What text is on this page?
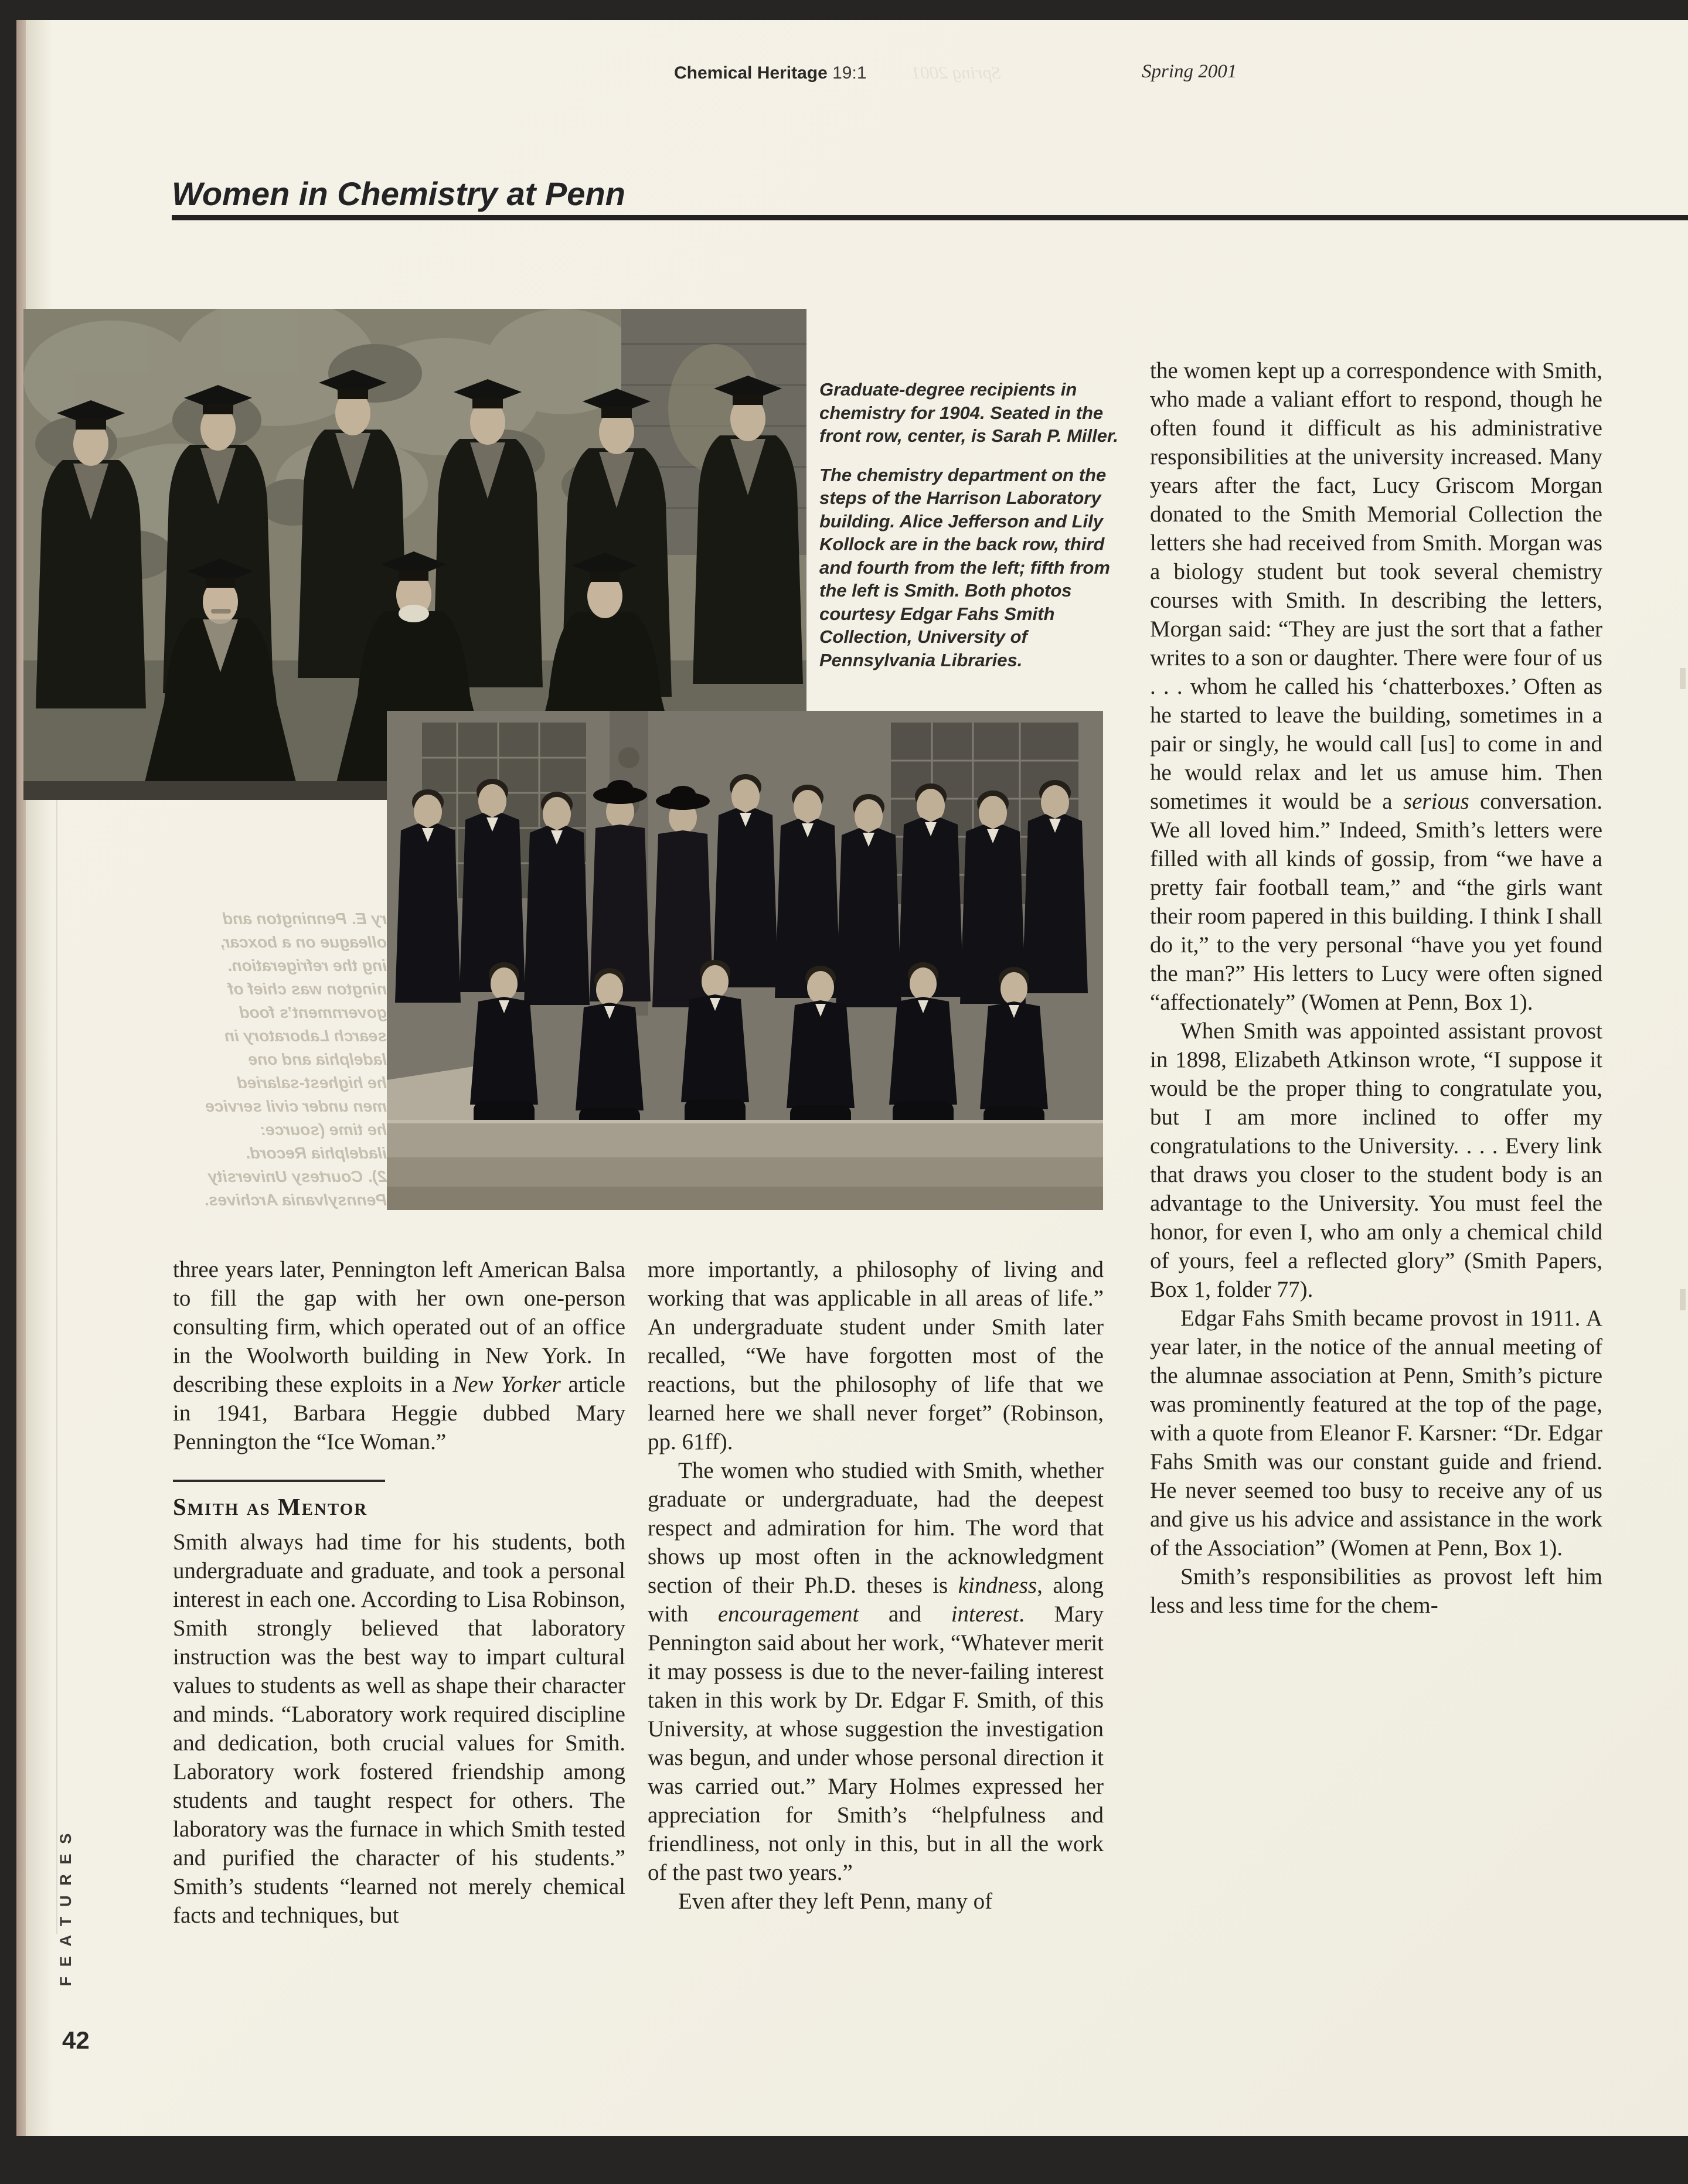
Chemical Heritage 19:1 Spring 2001	Spring 2001
Women in Chemistry at Penn
ry E. Pennington and
olleague on a boxcar,
ing the refrigeration.
nington was chief of
government’s food
search Laboratory in
ladelphia and one
he highest-salaried
men under civil service
he time (source:
iladelphia Record.
2). Courtesy University
Pennsylvania Archives.

Graduate-degree recipients in chemistry for 1904. Seated in the front row, center, is Sarah P. Miller.

The chemistry department on the steps of the Harrison Laboratory building. Alice Jefferson and Lily Kollock are in the back row, third and fourth from the left; fifth from the left is Smith. Both photos courtesy Edgar Fahs Smith Collection, University of Pennsylvania Libraries.

three years later, Pennington left American Balsa to fill the gap with her own one-person consulting firm, which operated out of an office in the Woolworth building in New York. In describing these exploits in a New Yorker article in 1941, Barbara Heggie dubbed Mary Pennington the “Ice Woman.”

Smith as Mentor

Smith always had time for his students, both undergraduate and graduate, and took a personal interest in each one. According to Lisa Robinson, Smith strongly believed that laboratory instruction was the best way to impart cultural values to students as well as shape their character and minds. “Laboratory work required discipline and dedication, both crucial values for Smith. Laboratory work fostered friendship among students and taught respect for others. The laboratory was the furnace in which Smith tested and purified the character of his students.” Smith’s students “learned not merely chemical facts and techniques, but

more importantly, a philosophy of living and working that was applicable in all areas of life.” An undergraduate student under Smith later recalled, “We have forgotten most of the reactions, but the philosophy of life that we learned here we shall never forget” (Robinson, pp. 61ff).

The women who studied with Smith, whether graduate or undergraduate, had the deepest respect and admiration for him. The word that shows up most often in the acknowledgment section of their Ph.D. theses is kindness, along with encouragement and interest. Mary Pennington said about her work, “Whatever merit it may possess is due to the never-failing interest taken in this work by Dr. Edgar F. Smith, of this University, at whose suggestion the investigation was begun, and under whose personal direction it was carried out.” Mary Holmes expressed her appreciation for Smith’s “helpfulness and friendliness, not only in this, but in all the work of the past two years.”

Even after they left Penn, many of

the women kept up a correspondence with Smith, who made a valiant effort to respond, though he often found it difficult as his administrative responsibilities at the university increased. Many years after the fact, Lucy Griscom Morgan donated to the Smith Memorial Collection the letters she had received from Smith. Morgan was a biology student but took several chemistry courses with Smith. In describing the letters, Morgan said: “They are just the sort that a father writes to a son or daughter. There were four of us . . . whom he called his ‘chatterboxes.’ Often as he started to leave the building, sometimes in a pair or singly, he would call [us] to come in and he would relax and let us amuse him. Then sometimes it would be a serious conversation. We all loved him.” Indeed, Smith’s letters were filled with all kinds of gossip, from “we have a pretty fair football team,” and “the girls want their room papered in this building. I think I shall do it,” to the very personal “have you yet found the man?” His letters to Lucy were often signed “affectionately” (Women at Penn, Box 1).

When Smith was appointed assistant provost in 1898, Elizabeth Atkinson wrote, “I suppose it would be the proper thing to congratulate you, but I am more inclined to offer my congratulations to the University. . . . Every link that draws you closer to the student body is an advantage to the University. You must feel the honor, for even I, who am only a chemical child of yours, feel a reflected glory” (Smith Papers, Box 1, folder 77).

Edgar Fahs Smith became provost in 1911. A year later, in the notice of the annual meeting of the alumnae association at Penn, Smith’s picture was prominently featured at the top of the page, with a quote from Eleanor F. Karsner: “Dr. Edgar Fahs Smith was our constant guide and friend. He never seemed too busy to receive any of us and give us his advice and assistance in the work of the Association” (Women at Penn, Box 1).

Smith’s responsibilities as provost left him less and less time for the chem-

FEATURES
42
